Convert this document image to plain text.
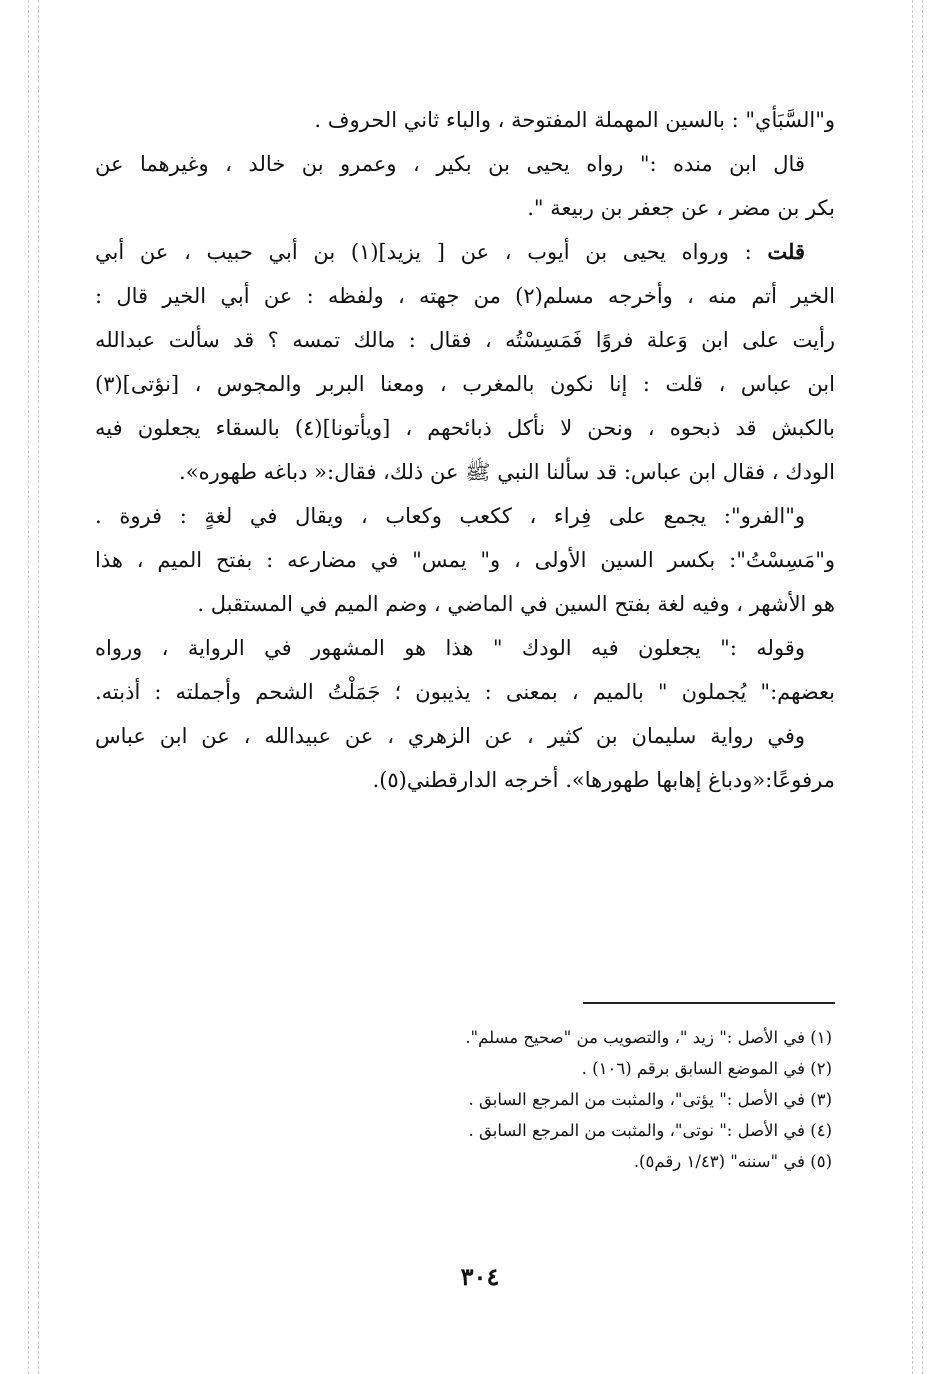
و"السَّبَأي" : بالسين المهملة المفتوحة ، والباء ثاني الحروف .
قال ابن منده :" رواه يحيى بن بكير ، وعمرو بن خالد ، وغيرهما عن
بكر بن مضر ، عن جعفر بن ربيعة ".
قلت : ورواه يحيى بن أيوب ، عن [ يزيد](١) بن أبي حبيب ، عن أبي
الخير أتم منه ، وأخرجه مسلم(٢) من جهته ، ولفظه : عن أبي الخير قال :
رأيت على ابن وَعلة فروًا فَمَسِسْتُه ، فقال : مالك تمسه ؟ قد سألت عبدالله
ابن عباس ، قلت : إنا نكون بالمغرب ، ومعنا البربر والمجوس ، [نؤتى](٣)
بالكبش قد ذبحوه ، ونحن لا نأكل ذبائحهم ، [ويأتونا](٤) بالسقاء يجعلون فيه
الودك ، فقال ابن عباس: قد سألنا النبي ﷺ عن ذلك، فقال:« دباغه طهوره».
و"الفرو": يجمع على فِراء ، ككعب وكعاب ، ويقال في لغةٍ : فروة .
و"مَسِسْتُ": بكسر السين الأولى ، و" يمس" في مضارعه : بفتح الميم ، هذا
هو الأشهر ، وفيه لغة بفتح السين في الماضي ، وضم الميم في المستقبل .
وقوله :" يجعلون فيه الودك " هذا هو المشهور في الرواية ، ورواه
بعضهم:" يُجملون " بالميم ، بمعنى : يذيبون ؛ جَمَلْتُ الشحم وأجملته : أذبته.
وفي رواية سليمان بن كثير ، عن الزهري ، عن عبيدالله ، عن ابن عباس
مرفوعًا:«ودباغ إهابها طهورها». أخرجه الدارقطني(٥).
(١) في الأصل :" زيد "، والتصويب من "صحيح مسلم".
(٢) في الموضع السابق برقم (١٠٦) .
(٣) في الأصل :" يؤتى"، والمثبت من المرجع السابق .
(٤) في الأصل :" نوتى"، والمثبت من المرجع السابق .
(٥) في "سننه" (١/٤٣ رقم٥).
٣٠٤
